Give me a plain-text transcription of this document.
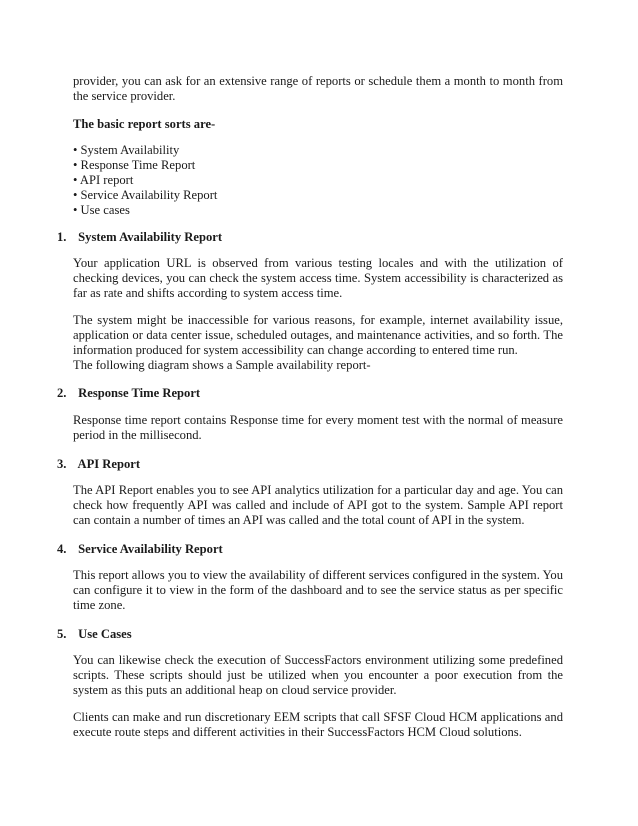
provider, you can ask for an extensive range of reports or schedule them a month to month from the service provider.

The basic report sorts are-

• System Availability
• Response Time Report
• API report
• Service Availability Report
• Use cases
1. System Availability Report

Your application URL is observed from various testing locales and with the utilization of checking devices, you can check the system access time. System accessibility is characterized as far as rate and shifts according to system access time.

The system might be inaccessible for various reasons, for example, internet availability issue, application or data center issue, scheduled outages, and maintenance activities, and so forth. The information produced for system accessibility can change according to entered time run.

The following diagram shows a Sample availability report-

2. Response Time Report

Response time report contains Response time for every moment test with the normal of measure period in the millisecond.

3. API Report

The API Report enables you to see API analytics utilization for a particular day and age. You can check how frequently API was called and include of API got to the system. Sample API report can contain a number of times an API was called and the total count of API in the system.

4. Service Availability Report

This report allows you to view the availability of different services configured in the system. You can configure it to view in the form of the dashboard and to see the service status as per specific time zone.

5. Use Cases

You can likewise check the execution of SuccessFactors environment utilizing some predefined scripts. These scripts should just be utilized when you encounter a poor execution from the system as this puts an additional heap on cloud service provider.

Clients can make and run discretionary EEM scripts that call SFSF Cloud HCM applications and execute route steps and different activities in their SuccessFactors HCM Cloud solutions.
